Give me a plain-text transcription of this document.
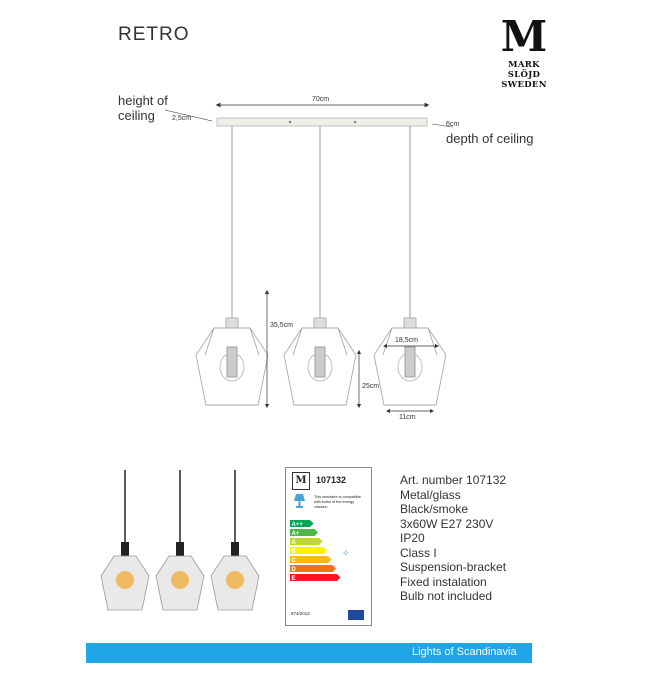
RETRO	M
MARK
SLÖJD
SWEDEN
height of
ceiling
depth of ceiling
70cm
2,5cm
6cm
35,5cm
25cm
18,5cm
11cm
M	107132
This luminaire is compatible with bulbs of the energy classes:
A++
A+
A
B
C
D
E
✧
874/2012
Art. number 107132
Metal/glass
Black/smoke
3x60W E27 230V
IP20
Class I
Suspension-bracket
Fixed instalation
Bulb not included
Lights of Scandinavia
